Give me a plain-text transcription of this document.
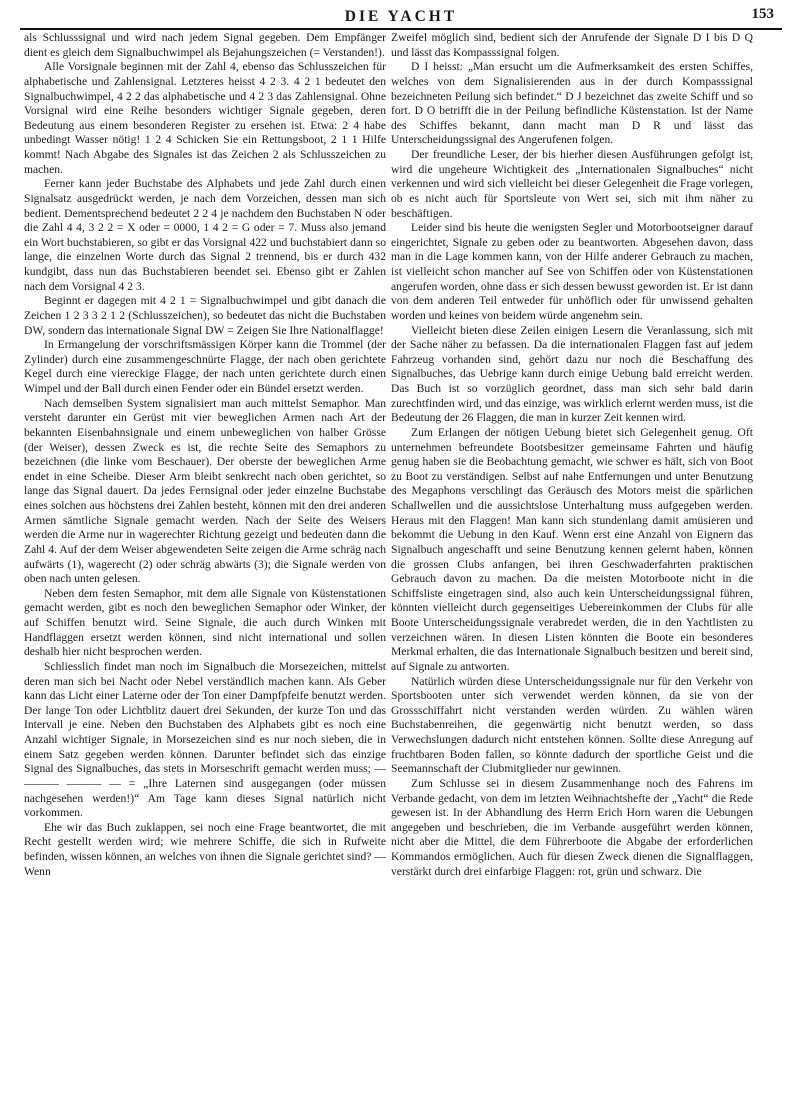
DIE YACHT	153

als Schlusssignal und wird nach jedem Signal gegeben. Dem Empfänger dient es gleich dem Signalbuchwimpel als Bejahungszeichen (= Verstanden!).

Alle Vorsignale beginnen mit der Zahl 4, ebenso das Schlusszeichen für alphabetische und Zahlensignal. Letzteres heisst 4 2 3. 4 2 1 bedeutet den Signalbuchwimpel, 4 2 2 das alphabetische und 4 2 3 das Zahlensignal. Ohne Vorsignal wird eine Reihe besonders wichtiger Signale gegeben, deren Bedeutung aus einem besonderen Register zu ersehen ist. Etwa: 2 4 habe unbedingt Wasser nötig! 1 2 4 Schicken Sie ein Rettungsboot, 2 1 1 Hilfe kommt! Nach Abgabe des Signales ist das Zeichen 2 als Schlusszeichen zu machen.

Ferner kann jeder Buchstabe des Alphabets und jede Zahl durch einen Signalsatz ausgedrückt werden, je nach dem Vorzeichen, dessen man sich bedient. Dementsprechend bedeutet 2 2 4 je nachdem den Buchstaben N oder die Zahl 4 4, 3 2 2 = X oder = 0000, 1 4 2 = G oder = 7. Muss also jemand ein Wort buchstabieren, so gibt er das Vorsignal 422 und buchstabiert dann so lange, die einzelnen Worte durch das Signal 2 trennend, bis er durch 432 kundgibt, dass nun das Buchstabieren beendet sei. Ebenso gibt er Zahlen nach dem Vorsignal 4 2 3.

Beginnt er dagegen mit 4 2 1 = Signalbuchwimpel und gibt danach die Zeichen 1 2 3 3 2 1 2 (Schlusszeichen), so bedeutet das nicht die Buchstaben DW, sondern das internationale Signal DW = Zeigen Sie Ihre Nationalflagge!

In Ermangelung der vorschriftsmässigen Körper kann die Trommel (der Zylinder) durch eine zusammengeschnürte Flagge, der nach oben gerichtete Kegel durch eine viereckige Flagge, der nach unten gerichtete durch einen Wimpel und der Ball durch einen Fender oder ein Bündel ersetzt werden.

Nach demselben System signalisiert man auch mittelst Semaphor. Man versteht darunter ein Gerüst mit vier beweglichen Armen nach Art der bekannten Eisenbahnsignale und einem unbeweglichen von halber Grösse (der Weiser), dessen Zweck es ist, die rechte Seite des Semaphors zu bezeichnen (die linke vom Beschauer). Der oberste der beweglichen Arme endet in eine Scheibe. Dieser Arm bleibt senkrecht nach oben gerichtet, so lange das Signal dauert. Da jedes Fernsignal oder jeder einzelne Buchstabe eines solchen aus höchstens drei Zahlen besteht, können mit den drei anderen Armen sämtliche Signale gemacht werden. Nach der Seite des Weisers werden die Arme nur in wagerechter Richtung gezeigt und bedeuten dann die Zahl 4. Auf der dem Weiser abgewendeten Seite zeigen die Arme schräg nach aufwärts (1), wagerecht (2) oder schräg abwärts (3); die Signale werden von oben nach unten gelesen.

Neben dem festen Semaphor, mit dem alle Signale von Küstenstationen gemacht werden, gibt es noch den beweglichen Semaphor oder Winker, der auf Schiffen benutzt wird. Seine Signale, die auch durch Winken mit Handflaggen ersetzt werden können, sind nicht international und sollen deshalb hier nicht besprochen werden.

Schliesslich findet man noch im Signalbuch die Morsezeichen, mittelst deren man sich bei Nacht oder Nebel verständlich machen kann. Als Geber kann das Licht einer Laterne oder der Ton einer Dampfpfeife benutzt werden. Der lange Ton oder Lichtblitz dauert drei Sekunden, der kurze Ton und das Intervall je eine. Neben den Buchstaben des Alphabets gibt es noch eine Anzahl wichtiger Signale, in Morsezeichen sind es nur noch sieben, die in einem Satz gegeben werden können. Darunter befindet sich das einzige Signal des Signalbuches, das stets in Morseschrift gemacht werden muss; — ——— ——— — = „Ihre Laternen sind ausgegangen (oder müssen nachgesehen werden!)“ Am Tage kann dieses Signal natürlich nicht vorkommen.

Ehe wir das Buch zuklappen, sei noch eine Frage beantwortet, die mit Recht gestellt werden wird; wie mehrere Schiffe, die sich in Rufweite befinden, wissen können, an welches von ihnen die Signale gerichtet sind? — Wenn

Zweifel möglich sind, bedient sich der Anrufende der Signale D I bis D Q und lässt das Kompasssignal folgen.

D I heisst: „Man ersucht um die Aufmerksamkeit des ersten Schiffes, welches von dem Signalisierenden aus in der durch Kompasssignal bezeichneten Peilung sich befindet.“ D J bezeichnet das zweite Schiff und so fort. D O betrifft die in der Peilung befindliche Küstenstation. Ist der Name des Schiffes bekannt, dann macht man D R und lässt das Unterscheidungssignal des Angerufenen folgen.

Der freundliche Leser, der bis hierher diesen Ausführungen gefolgt ist, wird die ungeheure Wichtigkeit des „Internationalen Signalbuches“ nicht verkennen und wird sich vielleicht bei dieser Gelegenheit die Frage vorlegen, ob es nicht auch für Sportsleute von Wert sei, sich mit ihm näher zu beschäftigen.

Leider sind bis heute die wenigsten Segler und Motorbootseigner darauf eingerichtet, Signale zu geben oder zu beantworten. Abgesehen davon, dass man in die Lage kommen kann, von der Hilfe anderer Gebrauch zu machen, ist vielleicht schon mancher auf See von Schiffen oder von Küstenstationen angerufen worden, ohne dass er sich dessen bewusst geworden ist. Er ist dann von dem anderen Teil entweder für unhöflich oder für unwissend gehalten worden und keines von beidem würde angenehm sein.

Vielleicht bieten diese Zeilen einigen Lesern die Veranlassung, sich mit der Sache näher zu befassen. Da die internationalen Flaggen fast auf jedem Fahrzeug vorhanden sind, gehört dazu nur noch die Beschaffung des Signalbuches, das Uebrige kann durch einige Uebung bald erreicht werden. Das Buch ist so vorzüglich geordnet, dass man sich sehr bald darin zurechtfinden wird, und das einzige, was wirklich erlernt werden muss, ist die Bedeutung der 26 Flaggen, die man in kurzer Zeit kennen wird.

Zum Erlangen der nötigen Uebung bietet sich Gelegenheit genug. Oft unternehmen befreundete Bootsbesitzer gemeinsame Fahrten und häufig genug haben sie die Beobachtung gemacht, wie schwer es hält, sich von Boot zu Boot zu verständigen. Selbst auf nahe Entfernungen und unter Benutzung des Megaphons verschlingt das Geräusch des Motors meist die spärlichen Schallwellen und die aussichtslose Unterhaltung muss aufgegeben werden. Heraus mit den Flaggen! Man kann sich stundenlang damit amüsieren und bekommt die Uebung in den Kauf. Wenn erst eine Anzahl von Eignern das Signalbuch angeschafft und seine Benutzung kennen gelernt haben, können die grossen Clubs anfangen, bei ihren Geschwaderfahrten praktischen Gebrauch davon zu machen. Da die meisten Motorboote nicht in die Schiffsliste eingetragen sind, also auch kein Unterscheidungssignal führen, könnten vielleicht durch gegenseitiges Uebereinkommen der Clubs für alle Boote Unterscheidungssignale verabredet werden, die in den Yachtlisten zu verzeichnen wären. In diesen Listen könnten die Boote ein besonderes Merkmal erhalten, die das Internationale Signalbuch besitzen und bereit sind, auf Signale zu antworten.

Natürlich würden diese Unterscheidungssignale nur für den Verkehr von Sportsbooten unter sich verwendet werden können, da sie von der Grossschiffahrt nicht verstanden werden würden. Zu wählen wären Buchstabenreihen, die gegenwärtig nicht benutzt werden, so dass Verwechslungen dadurch nicht entstehen können. Sollte diese Anregung auf fruchtbaren Boden fallen, so könnte dadurch der sportliche Geist und die Seemannschaft der Clubmitglieder nur gewinnen.

Zum Schlusse sei in diesem Zusammenhange noch des Fahrens im Verbande gedacht, von dem im letzten Weihnachtshefte der „Yacht“ die Rede gewesen ist. In der Abhandlung des Herrn Erich Horn waren die Uebungen angegeben und beschrieben, die im Verbande ausgeführt werden können, nicht aber die Mittel, die dem Führerboote die Abgabe der erforderlichen Kommandos ermöglichen. Auch für diesen Zweck dienen die Signalflaggen, verstärkt durch drei einfarbige Flaggen: rot, grün und schwarz. Die
